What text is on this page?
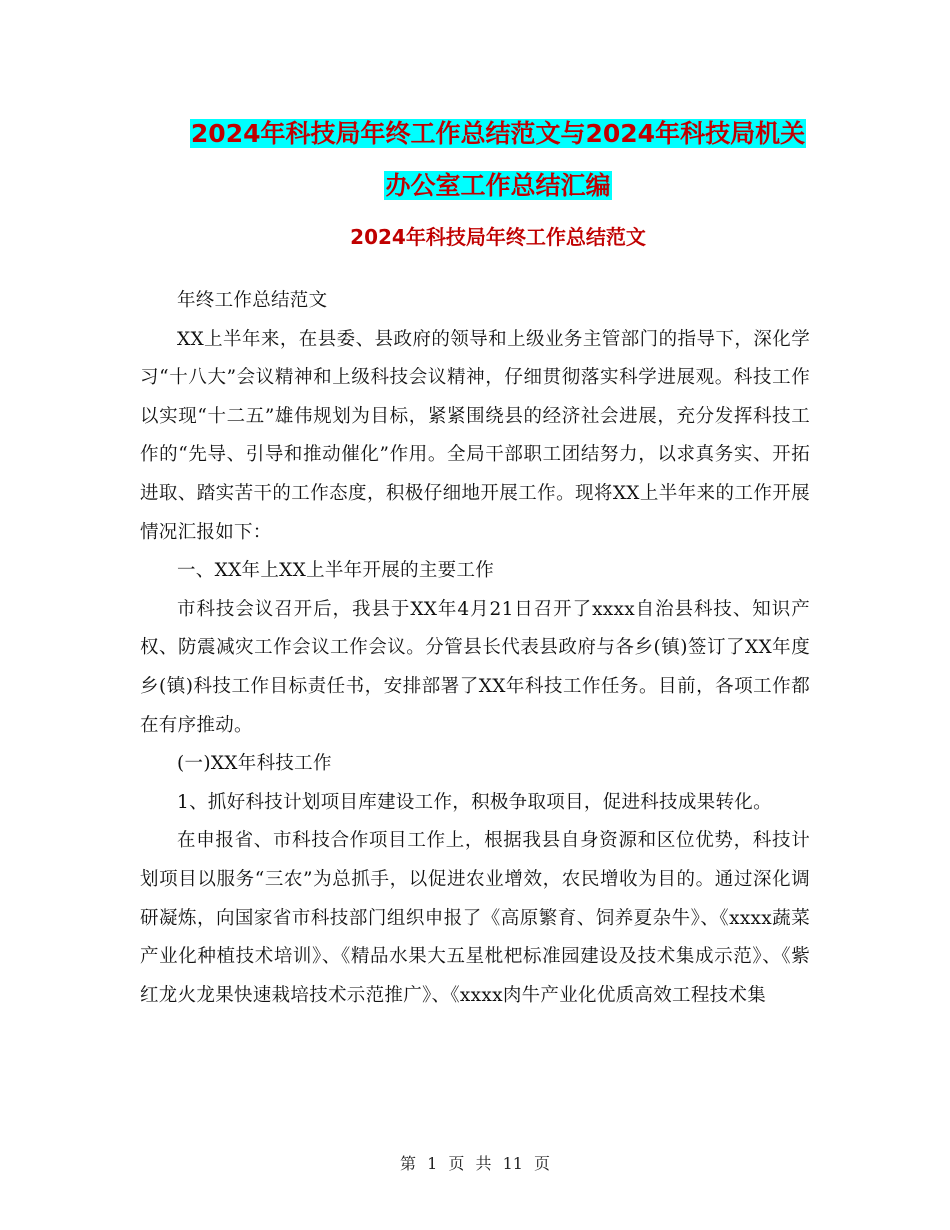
2024年科技局年终工作总结范文与2024年科技局机关
办公室工作总结汇编
2024年科技局年终工作总结范文

年终工作总结范文

XX上半年来，在县委、县政府的领导和上级业务主管部门的指导下，深化学习“十八大”会议精神和上级科技会议精神，仔细贯彻落实科学进展观。科技工作以实现“十二五”雄伟规划为目标，紧紧围绕县的经济社会进展，充分发挥科技工作的“先导、引导和推动催化”作用。全局干部职工团结努力，以求真务实、开拓进取、踏实苦干的工作态度，积极仔细地开展工作。现将XX上半年来的工作开展情况汇报如下：

一、XX年上XX上半年开展的主要工作

市科技会议召开后，我县于XX年4月21日召开了xxxx自治县科技、知识产权、防震减灾工作会议工作会议。分管县长代表县政府与各乡(镇)签订了XX年度乡(镇)科技工作目标责任书，安排部署了XX年科技工作任务。目前，各项工作都在有序推动。

(一)XX年科技工作

1、抓好科技计划项目库建设工作，积极争取项目，促进科技成果转化。

在申报省、市科技合作项目工作上，根据我县自身资源和区位优势，科技计划项目以服务“三农”为总抓手，以促进农业增效，农民增收为目的。通过深化调研凝炼，向国家省市科技部门组织申报了《高原繁育、饲养夏杂牛》、《xxxx蔬菜产业化种植技术培训》、《精品水果大五星枇杷标准园建设及技术集成示范》、《紫红龙火龙果快速栽培技术示范推广》、《xxxx肉牛产业化优质高效工程技术集

第 1 页 共 11 页
